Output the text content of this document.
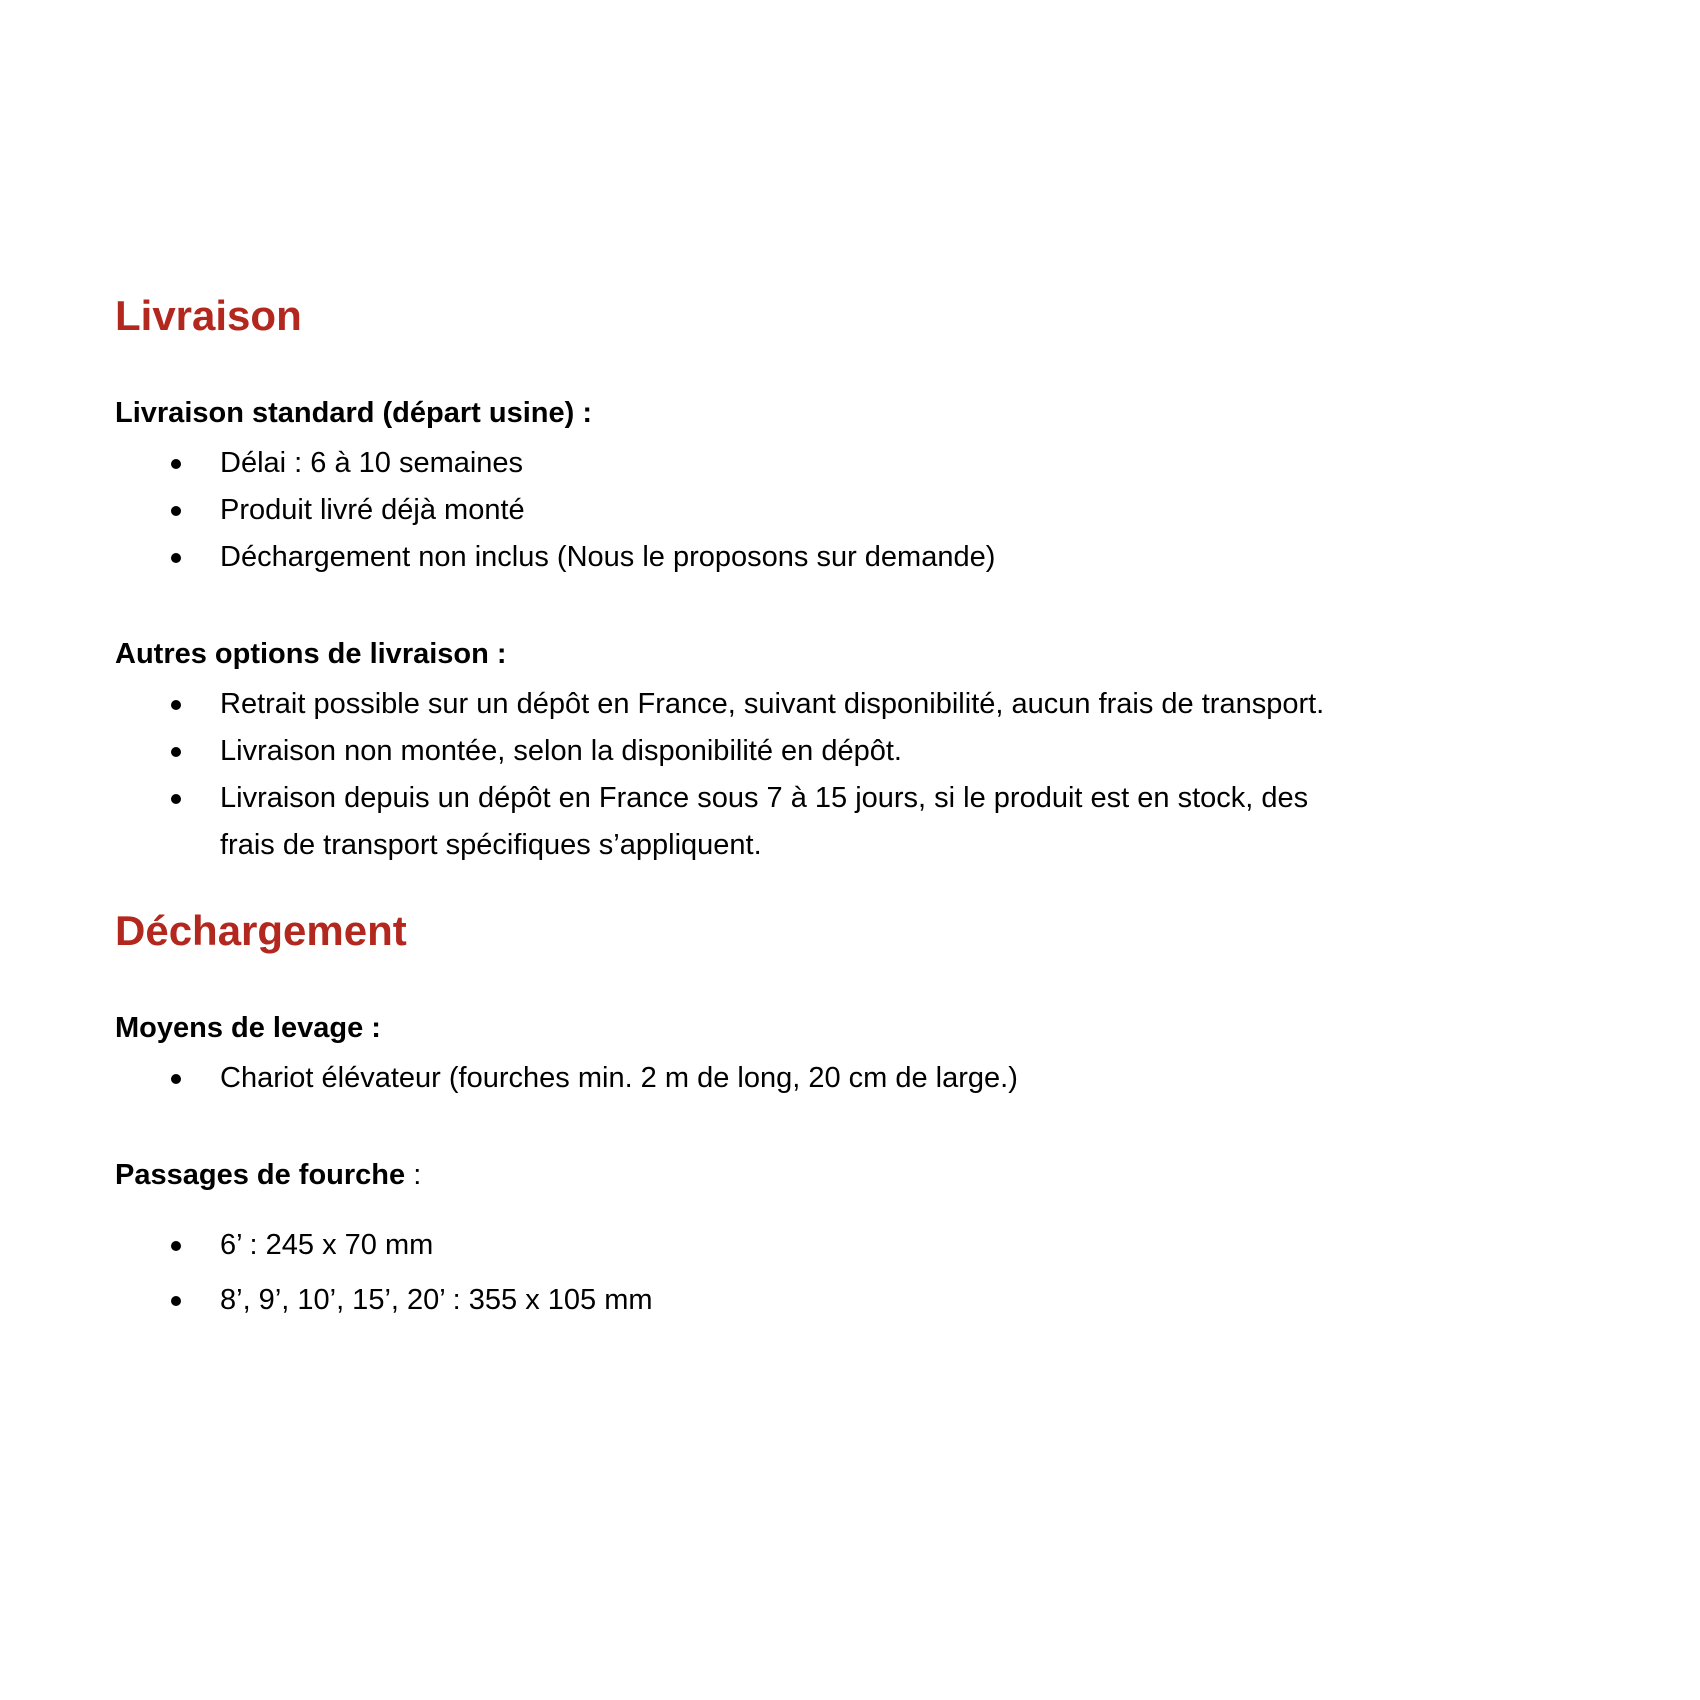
Livraison
Livraison standard (départ usine) :
Délai : 6 à 10 semaines
Produit livré déjà monté
Déchargement non inclus (Nous le proposons sur demande)
Autres options de livraison :
Retrait possible sur un dépôt en France, suivant disponibilité, aucun frais de transport.
Livraison non montée, selon la disponibilité en dépôt.
Livraison depuis un dépôt en France sous 7 à 15 jours, si le produit est en stock, des
frais de transport spécifiques s’appliquent.
Déchargement
Moyens de levage :
Chariot élévateur (fourches min. 2 m de long, 20 cm de large.)
Passages de fourche :
6’ : 245 x 70 mm
8’, 9’, 10’, 15’, 20’ : 355 x 105 mm
